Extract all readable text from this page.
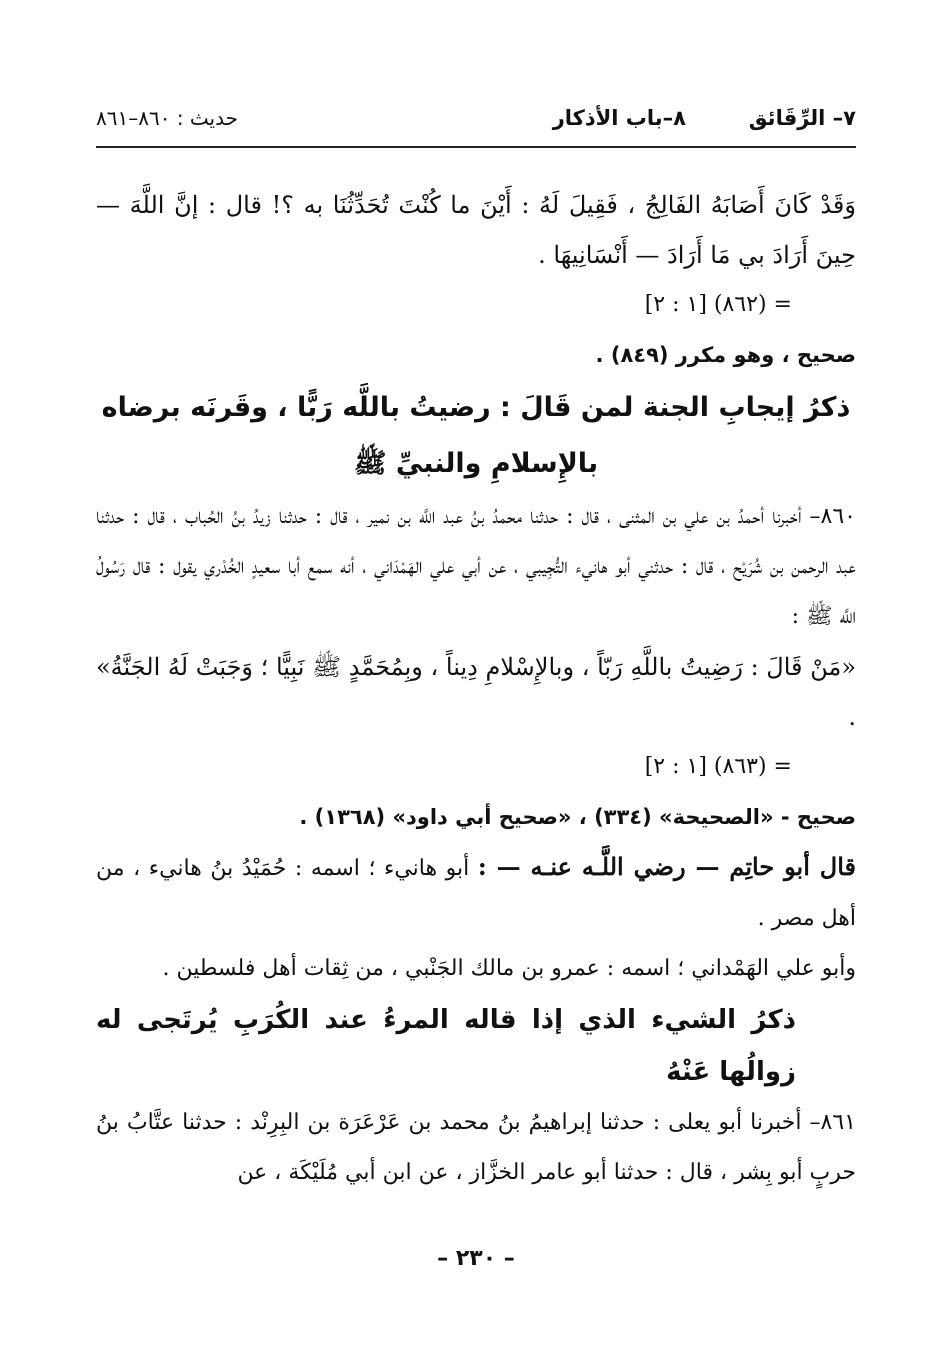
٧– الرِّقَائق
٨–باب الأذكار
حديث : ٨٦٠–٨٦١

وَقَدْ كَانَ أَصَابَهُ الفَالِجُ ، فَقِيلَ لَهُ : أَيْنَ ما كُنْتَ تُحَدِّثُنَا به ؟! قال : إنَّ اللَّهَ — حِينَ أَرَادَ بي مَا أَرَادَ — أَنْسَانِيهَا .

= (٨٦٢) [١ : ٢]

صحيح ، وهو مكرر (٨٤٩) .

ذكرُ إيجابِ الجنة لمن قَالَ : رضيتُ باللَّه رَبًّا ، وقَرنَه برضاه

بالإِسلامِ والنبيِّ ﷺ

٨٦٠– أخبرنا أحمدُ بن علي بن المثنى ، قال : حدثنا محمدُ بنُ عبد اللَّه بن نمير ، قال : حدثنا زيدُ بنُ الحُباب ، قال : حدثنا عبد الرحمن بن شُرَيْح ، قال : حدثني أبو هانيء التُّجِيبي ، عن أبي علي الهَمْدَاني ، أنه سمع أبا سعيدٍ الخُدْري يقول : قال رَسُولُ اللَّه ﷺ :

«مَنْ قَالَ : رَضِيتُ باللَّهِ رَبّاً ، وبالإِسْلامِ دِيناً ، وبِمُحَمَّدٍ ﷺ نَبِيًّا ؛ وَجَبَتْ لَهُ الجَنَّةُ» .

= (٨٦٣) [١ : ٢]

صحيح - «الصحيحة» (٣٣٤) ، «صحيح أبي داود» (١٣٦٨) .

قال أبو حاتِم — رضي اللَّـه عنـه — : أبو هانيء ؛ اسمه : حُمَيْدُ بنُ هانيء ، من أهل مصر .

وأبو علي الهَمْداني ؛ اسمه : عمرو بن مالك الجَنْبي ، من ثِقات أهل فلسطين .

ذكرُ الشيء الذي إذا قاله المرءُ عند الكُرَبِ يُرتَجى له زوالُها عَنْهُ

٨٦١– أخبرنا أبو يعلى : حدثنا إبراهيمُ بنُ محمد بن عَرْعَرَة بن البِرِنْد : حدثنا عتَّابُ بنُ حربٍ أبو بِشر ، قال : حدثنا أبو عامر الخزَّاز ، عن ابن أبي مُلَيْكَة ، عن

– ٢٣٠ –
